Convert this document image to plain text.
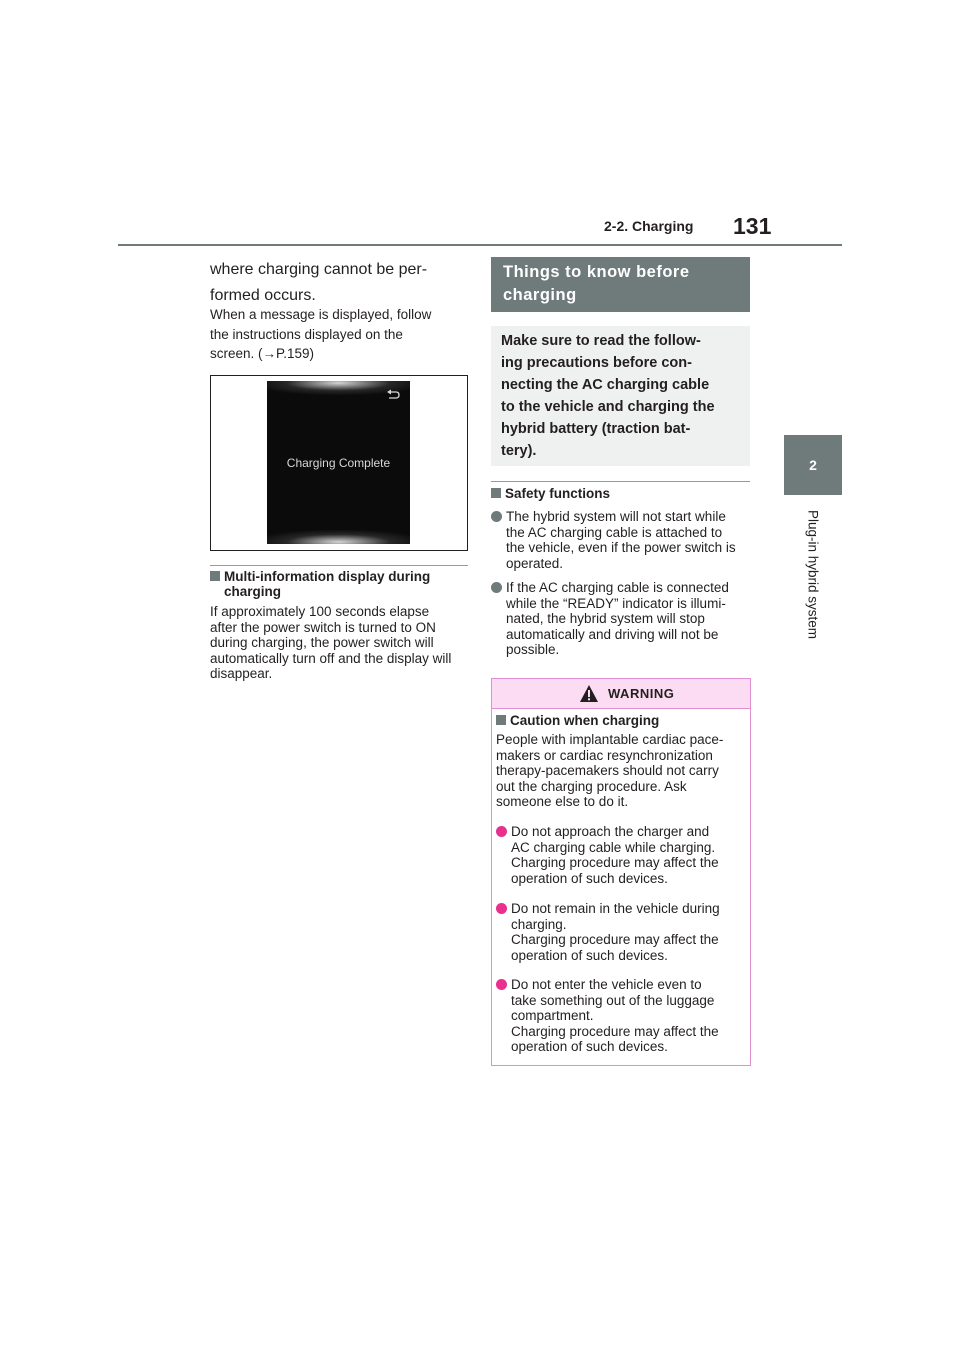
2-2. Charging 131
2
Plug-in hybrid system
where charging cannot be per-
formed occurs.
When a message is displayed, follow
the instructions displayed on the
screen. (→P.159)
Charging Complete
Multi-information display during
charging
If approximately 100 seconds elapse
after the power switch is turned to ON
during charging, the power switch will
automatically turn off and the display will
disappear.
Things to know before
charging
Make sure to read the follow-
ing precautions before con-
necting the AC charging cable
to the vehicle and charging the
hybrid battery (traction bat-
tery).
Safety functions
The hybrid system will not start while
the AC charging cable is attached to
the vehicle, even if the power switch is
operated.
If the AC charging cable is connected
while the “READY” indicator is illumi-
nated, the hybrid system will stop
automatically and driving will not be
possible.
WARNING
Caution when charging
People with implantable cardiac pace-
makers or cardiac resynchronization
therapy-pacemakers should not carry
out the charging procedure. Ask
someone else to do it.
Do not approach the charger and
AC charging cable while charging.
Charging procedure may affect the
operation of such devices.
Do not remain in the vehicle during
charging.
Charging procedure may affect the
operation of such devices.
Do not enter the vehicle even to
take something out of the luggage
compartment.
Charging procedure may affect the
operation of such devices.
